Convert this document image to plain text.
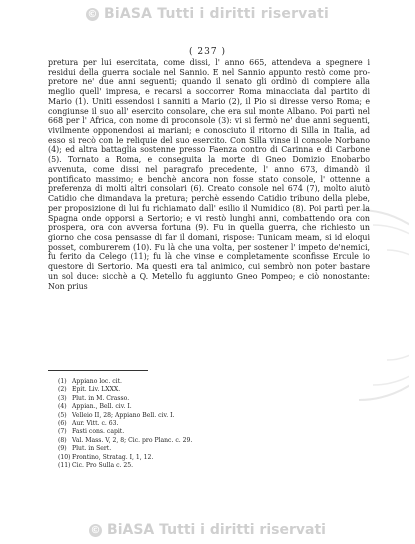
© BiASA Tutti i diritti riservati
( 237 )

pretura per lui esercitata, come dissi, l' anno 665, attendeva a spegnere i residui della guerra sociale nel Sannio. E nel Sannio appunto restò come pro-pretore ne' due anni seguenti; quando il senato gli ordinò di compiere alla meglio quell' impresa, e recarsi a soccorrer Roma minacciata dal partito di Mario (1). Uniti essendosi i sanniti a Mario (2), il Pio si diresse verso Roma; e congiunse il suo all' esercito consolare, che era sul monte Albano. Poi partì nel 668 per l' Africa, con nome di proconsole (3): vi si fermò ne' due anni seguenti, vivilmente opponendosi ai mariani; e conosciuto il ritorno di Silla in Italia, ad esso si recò con le reliquie del suo esercito. Con Silla vinse il console Norbano (4); ed altra battaglia sostenne presso Faenza contro di Carinna e di Carbone (5). Tornato a Roma, e conseguita la morte di Gneo Domizio Enobarbo avvenuta, come dissi nel paragrafo precedente, l' anno 673, dimandò il pontificato massimo; e benchè ancora non fosse stato console, l' ottenne a preferenza di molti altri consolari (6). Creato console nel 674 (7), molto aiutò Catidio che dimandava la pretura; perchè essendo Catidio tribuno della plebe, per proposizione di lui fu richiamato dall' esilio il Numidico (8). Poi partì per la Spagna onde opporsi a Sertorio; e vi restò lunghi anni, combattendo ora con prospera, ora con avversa fortuna (9). Fu in quella guerra, che richiesto un giorno che cosa pensasse di far il domani, rispose: Tunicam meam, si id eloqui posset, comburerem (10). Fu là che una volta, per sostener l' impeto de'nemici, fu ferito da Celego (11); fu là che vinse e completamente sconfisse Ercule io questore di Sertorio. Ma questi era tal animico, cui sembrò non poter bastare un sol duce: sicchè a Q. Metello fu aggiunto Gneo Pompeo; e ciò nonostante: Non prius

(1) Appiano loc. cit.
(2) Epit. Liv. LXXX.
(3) Plut. in M. Crasso.
(4) Appian., Bell. civ. I.
(5) Velleio II, 28; Appiano Bell. civ. I.
(6) Aur. Vitt. c. 63.
(7) Fasti cons. capit.
(8) Val. Mass. V, 2, 8; Cic. pro Planc. c. 29.
(9) Plut. in Sert.
(10)Frontino, Stratag. I, 1, 12.
(11)Cic. Pro Sulla c. 25.
© BiASA Tutti i diritti riservati
